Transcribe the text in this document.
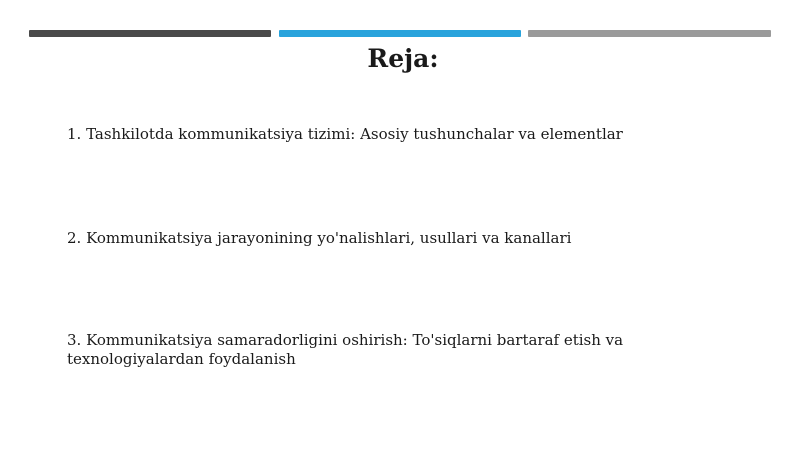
Reja:

1. Tashkilotda kommunikatsiya tizimi: Asosiy tushunchalar va elementlar

2. Kommunikatsiya jarayonining yo'nalishlari, usullari va kanallari

3. Kommunikatsiya samaradorligini oshirish: To'siqlarni bartaraf etish va texnologiyalardan foydalanish
